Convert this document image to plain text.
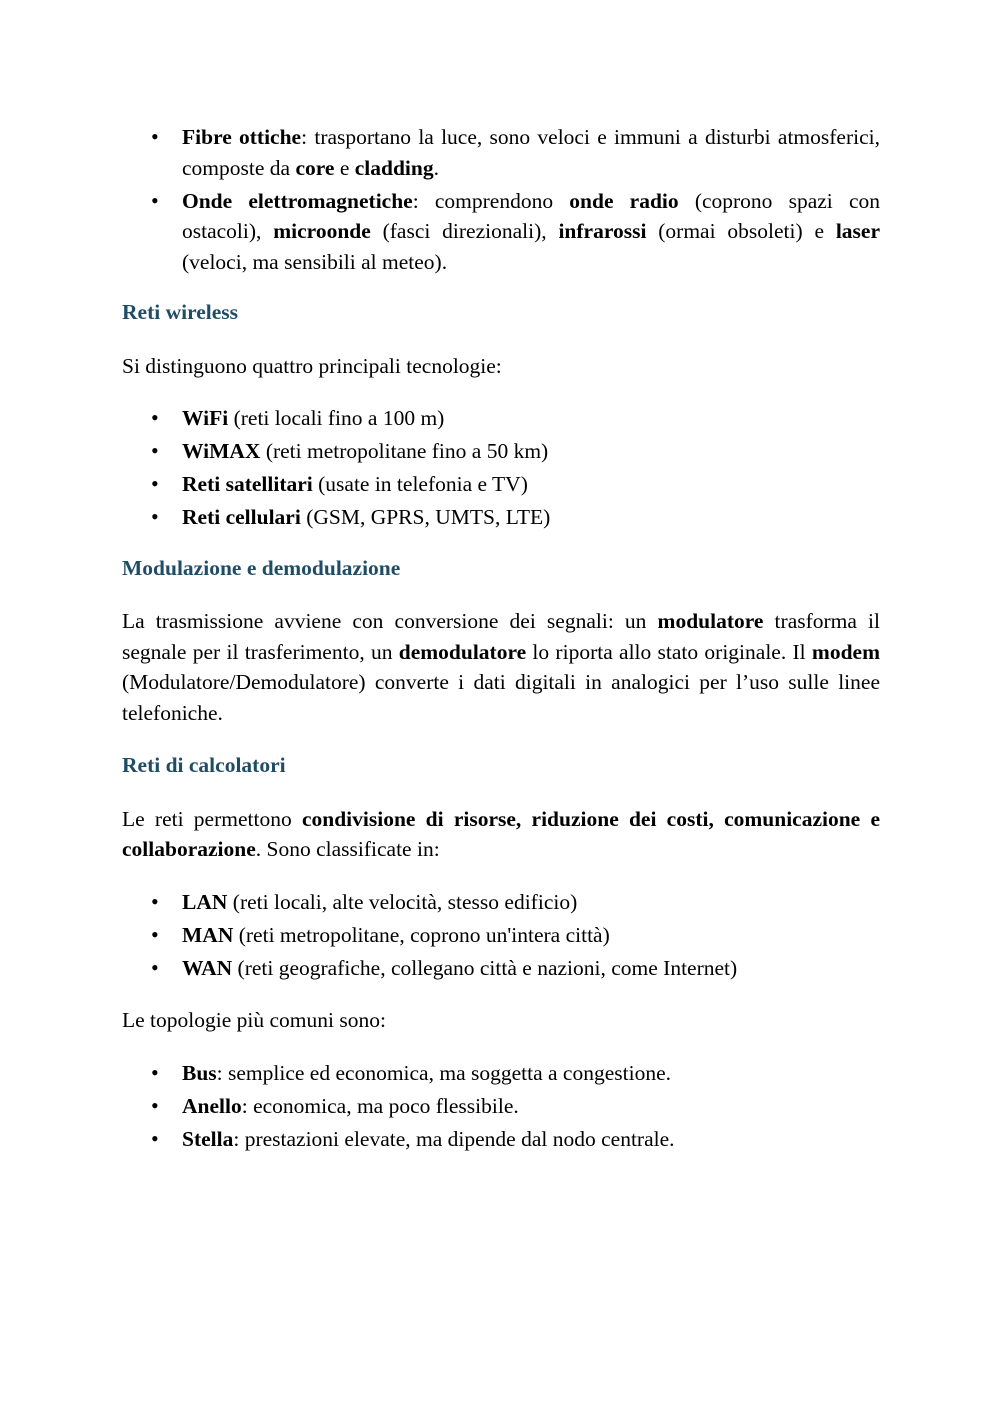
• Fibre ottiche: trasportano la luce, sono veloci e immuni a disturbi atmosferici, composte da core e cladding.
• Onde elettromagnetiche: comprendono onde radio (coprono spazi con ostacoli), microonde (fasci direzionali), infrarossi (ormai obsoleti) e laser (veloci, ma sensibili al meteo).
Reti wireless

Si distinguono quattro principali tecnologie:

• WiFi (reti locali fino a 100 m)
• WiMAX (reti metropolitane fino a 50 km)
• Reti satellitari (usate in telefonia e TV)
• Reti cellulari (GSM, GPRS, UMTS, LTE)
Modulazione e demodulazione

La trasmissione avviene con conversione dei segnali: un modulatore trasforma il segnale per il trasferimento, un demodulatore lo riporta allo stato originale. Il modem (Modulatore/Demodulatore) converte i dati digitali in analogici per l’uso sulle linee telefoniche.

Reti di calcolatori

Le reti permettono condivisione di risorse, riduzione dei costi, comunicazione e collaborazione. Sono classificate in:

• LAN (reti locali, alte velocità, stesso edificio)
• MAN (reti metropolitane, coprono un'intera città)
• WAN (reti geografiche, collegano città e nazioni, come Internet)

Le topologie più comuni sono:

• Bus: semplice ed economica, ma soggetta a congestione.
• Anello: economica, ma poco flessibile.
• Stella: prestazioni elevate, ma dipende dal nodo centrale.
